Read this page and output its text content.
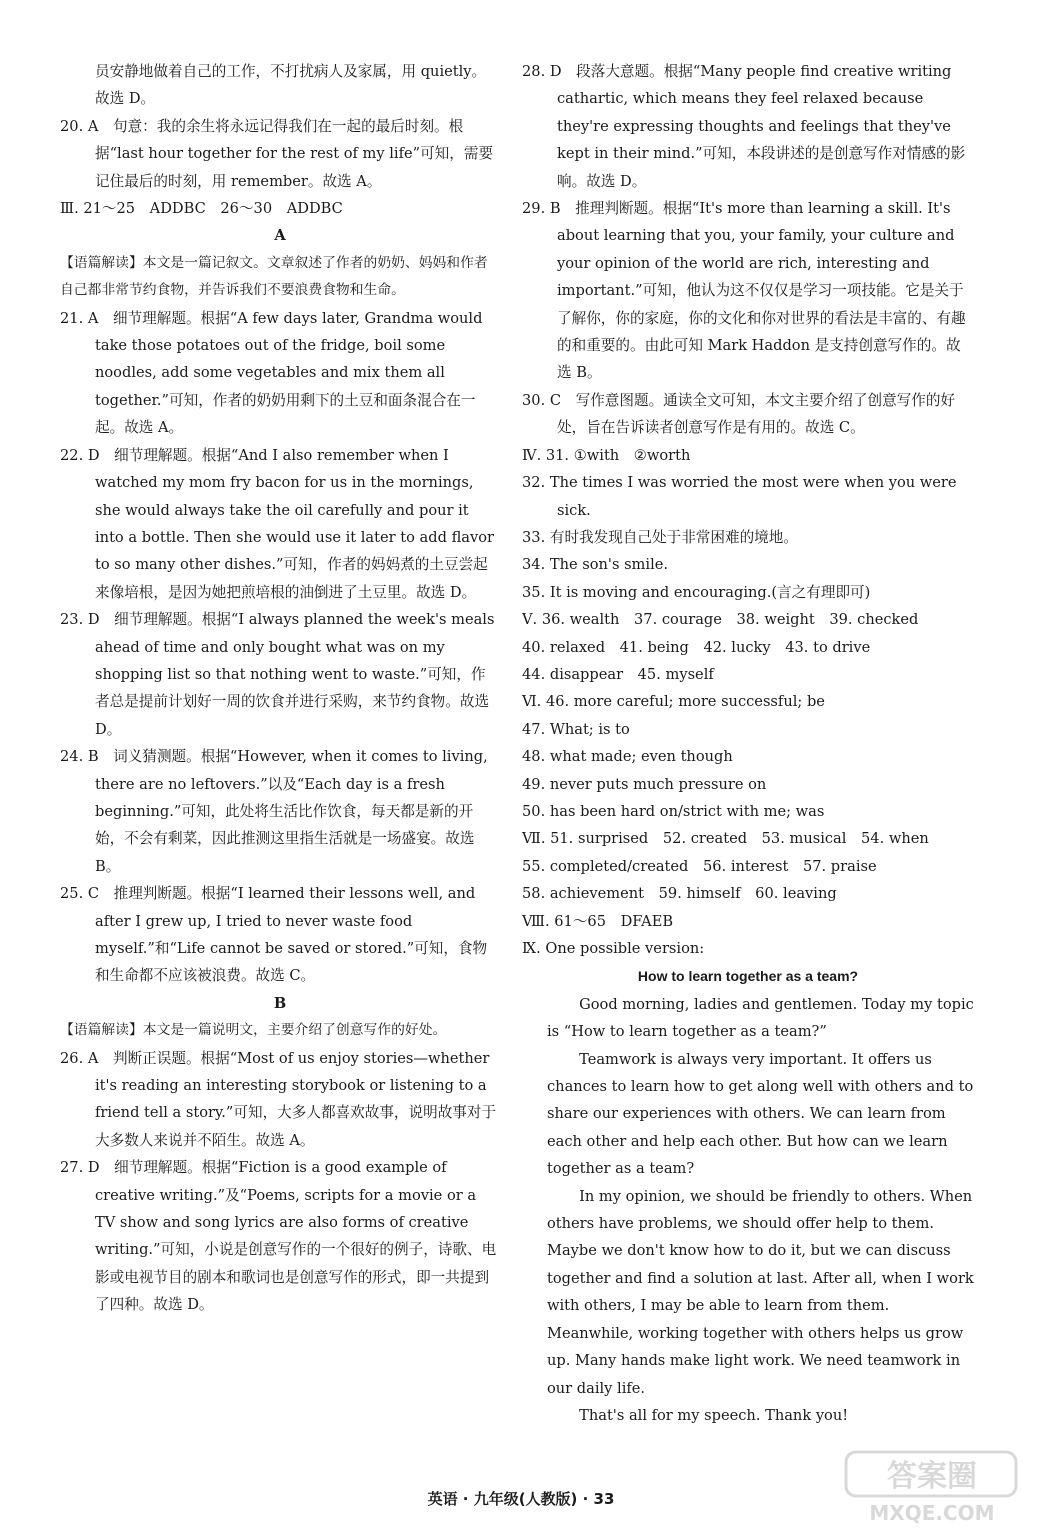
员安静地做着自己的工作，不打扰病人及家属，用 quietly。故选 D。

20. A　句意：我的余生将永远记得我们在一起的最后时刻。根据“last hour together for the rest of my life”可知，需要记住最后的时刻，用 remember。故选 A。

Ⅲ. 21～25　ADDBC　26～30　ADDBC

A

【语篇解读】本文是一篇记叙文。文章叙述了作者的奶奶、妈妈和作者自己都非常节约食物，并告诉我们不要浪费食物和生命。

21. A　细节理解题。根据“A few days later, Grandma would take those potatoes out of the fridge, boil some noodles, add some vegetables and mix them all together.”可知，作者的奶奶用剩下的土豆和面条混合在一起。故选 A。

22. D　细节理解题。根据“And I also remember when I watched my mom fry bacon for us in the mornings, she would always take the oil carefully and pour it into a bottle. Then she would use it later to add flavor to so many other dishes.”可知，作者的妈妈煮的土豆尝起来像培根，是因为她把煎培根的油倒进了土豆里。故选 D。

23. D　细节理解题。根据“I always planned the week's meals ahead of time and only bought what was on my shopping list so that nothing went to waste.”可知，作者总是提前计划好一周的饮食并进行采购，来节约食物。故选 D。

24. B　词义猜测题。根据“However, when it comes to living, there are no leftovers.”以及“Each day is a fresh beginning.”可知，此处将生活比作饮食，每天都是新的开始，不会有剩菜，因此推测这里指生活就是一场盛宴。故选 B。

25. C　推理判断题。根据“I learned their lessons well, and after I grew up, I tried to never waste food myself.”和“Life cannot be saved or stored.”可知，食物和生命都不应该被浪费。故选 C。

B

【语篇解读】本文是一篇说明文，主要介绍了创意写作的好处。

26. A　判断正误题。根据“Most of us enjoy stories—whether it's reading an interesting storybook or listening to a friend tell a story.”可知，大多人都喜欢故事，说明故事对于大多数人来说并不陌生。故选 A。

27. D　细节理解题。根据“Fiction is a good example of creative writing.”及“Poems, scripts for a movie or a TV show and song lyrics are also forms of creative writing.”可知，小说是创意写作的一个很好的例子，诗歌、电影或电视节目的剧本和歌词也是创意写作的形式，即一共提到了四种。故选 D。

28. D　段落大意题。根据“Many people find creative writing cathartic, which means they feel relaxed because they're expressing thoughts and feelings that they've kept in their mind.”可知，本段讲述的是创意写作对情感的影响。故选 D。

29. B　推理判断题。根据“It's more than learning a skill. It's about learning that you, your family, your culture and your opinion of the world are rich, interesting and important.”可知，他认为这不仅仅是学习一项技能。它是关于了解你，你的家庭，你的文化和你对世界的看法是丰富的、有趣的和重要的。由此可知 Mark Haddon 是支持创意写作的。故选 B。

30. C　写作意图题。通读全文可知，本文主要介绍了创意写作的好处，旨在告诉读者创意写作是有用的。故选 C。

Ⅳ. 31. ①with　②worth

32. The times I was worried the most were when you were sick.

33. 有时我发现自己处于非常困难的境地。

34. The son's smile.

35. It is moving and encouraging.(言之有理即可)

Ⅴ. 36. wealth　37. courage　38. weight　39. checked

40. relaxed　41. being　42. lucky　43. to drive

44. disappear　45. myself

Ⅵ. 46. more careful; more successful; be

47. What; is to

48. what made; even though

49. never puts much pressure on

50. has been hard on/strict with me; was

Ⅶ. 51. surprised　52. created　53. musical　54. when

55. completed/created　56. interest　57. praise

58. achievement　59. himself　60. leaving

Ⅷ. 61～65　DFAEB

Ⅸ. One possible version:

How to learn together as a team?

Good morning, ladies and gentlemen. Today my topic is “How to learn together as a team?”

Teamwork is always very important. It offers us chances to learn how to get along well with others and to share our experiences with others. We can learn from each other and help each other. But how can we learn together as a team?

In my opinion, we should be friendly to others. When others have problems, we should offer help to them. Maybe we don't know how to do it, but we can discuss together and find a solution at last. After all, when I work with others, I may be able to learn from them. Meanwhile, working together with others helps us grow up. Many hands make light work. We need teamwork in our daily life.

That's all for my speech. Thank you!

英语 · 九年级(人教版) · 33
答案圈
MXQE.COM
